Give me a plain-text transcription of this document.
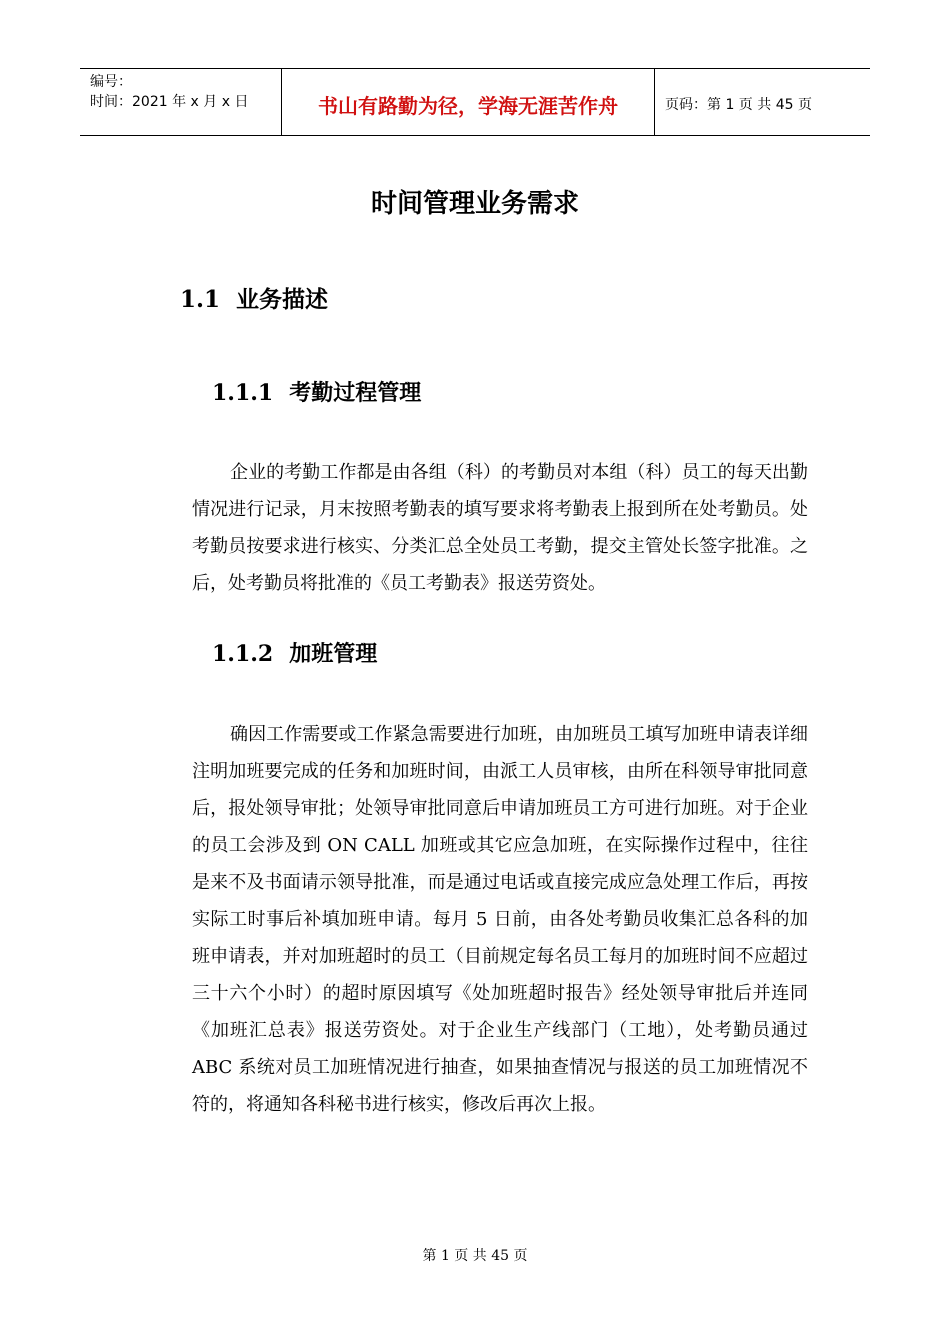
编号：
时间：2021 年 x 月 x 日	书山有路勤为径，学海无涯苦作舟	页码：第 1 页 共 45 页
时间管理业务需求
1.1 业务描述
1.1.1 考勤过程管理

企业的考勤工作都是由各组（科）的考勤员对本组（科）员工的每天出勤情况进行记录，月末按照考勤表的填写要求将考勤表上报到所在处考勤员。处考勤员按要求进行核实、分类汇总全处员工考勤，提交主管处长签字批准。之后，处考勤员将批准的《员工考勤表》报送劳资处。

1.1.2 加班管理

确因工作需要或工作紧急需要进行加班，由加班员工填写加班申请表详细注明加班要完成的任务和加班时间，由派工人员审核，由所在科领导审批同意后，报处领导审批；处领导审批同意后申请加班员工方可进行加班。对于企业的员工会涉及到 ON CALL 加班或其它应急加班，在实际操作过程中，往往是来不及书面请示领导批准，而是通过电话或直接完成应急处理工作后，再按实际工时事后补填加班申请。每月 5 日前，由各处考勤员收集汇总各科的加班申请表，并对加班超时的员工（目前规定每名员工每月的加班时间不应超过三十六个小时）的超时原因填写《处加班超时报告》经处领导审批后并连同《加班汇总表》报送劳资处。对于企业生产线部门（工地），处考勤员通过 ABC 系统对员工加班情况进行抽查，如果抽查情况与报送的员工加班情况不符的，将通知各科秘书进行核实，修改后再次上报。

第 1 页 共 45 页
